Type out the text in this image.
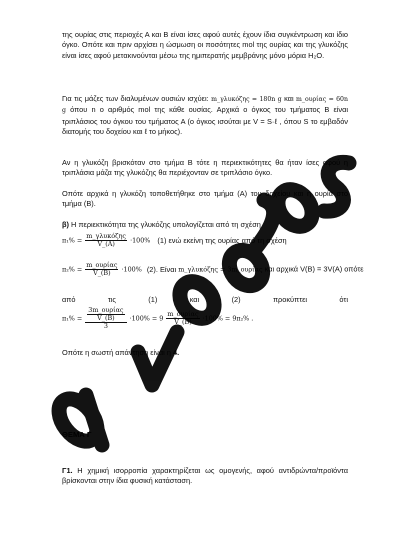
της ουρίας στις περιοχές Α και Β είναι ίσες αφού αυτές έχουν ίδια συγκέντρωση και ίδιο όγκο. Οπότε και πριν αρχίσει η ώσμωση οι ποσότητες mol της ουρίας και της γλυκόζης είναι ίσες αφού μετακινούνται μέσω της ημιπερατής μεμβράνης μόνο μόρια Η₂Ο.

Για τις μάζες των διαλυμένων ουσιών ισχύει: m_γλυκόζης = 180n g και m_ουρίας = 60n g όπου n ο αριθμός mol της κάθε ουσίας. Αρχικά ο όγκος του τμήματος Β είναι τριπλάσιος του όγκου του τμήματος Α (ο όγκος ισούται με V = S·ℓ , όπου S το εμβαδόν διατομής του δοχείου και ℓ το μήκος).

Αν η γλυκόζη βρισκόταν στο τμήμα Β τότε η περιεκτικότητες θα ήταν ίσες αφού η τριπλάσια μάζα της γλυκόζης θα περιέχονταν σε τριπλάσιο όγκο.

Οπότε αρχικά η γλυκόζη τοποθετήθηκε στο τμήμα (Α) του δοχείου και η ουρία στο τμήμα (Β).

β) Η περιεκτικότητα της γλυκόζης υπολογίζεται από τη σχέση

$\pi_1\% = \frac{\text{m\_γλυκόζης}}{V\_(A)} \cdot 100\%$ (1) ενώ εκείνη της ουρίας από τη σχέση
$\pi_2\% = \frac{\text{m\_ουρίας}}{V\_(B)} \cdot 100\%$ (2). Είναι m_γλυκόζης = 3m_ουρίας και αρχικά V(B) = 3V(A) οπότε

από	τις	(1)	και	(2)	προκύπτει	ότι

$\pi_1\% = \frac{\frac{\text{3m\_ουρίας}}{V\_(B)}}{3} \cdot 100\% = 9 \frac{\text{m\_ουρίας}}{V\_(B)} \cdot 100\% = 9\pi_2\%$ .

Οπότε η σωστή απάντηση είναι η 4.

ΘΕΜΑ Γ

Γ1. Η χημική ισορροπία χαρακτηρίζεται ως ομογενής, αφού αντιδρώντα/προϊόντα βρίσκονται στην ίδια φυσική κατάσταση.
